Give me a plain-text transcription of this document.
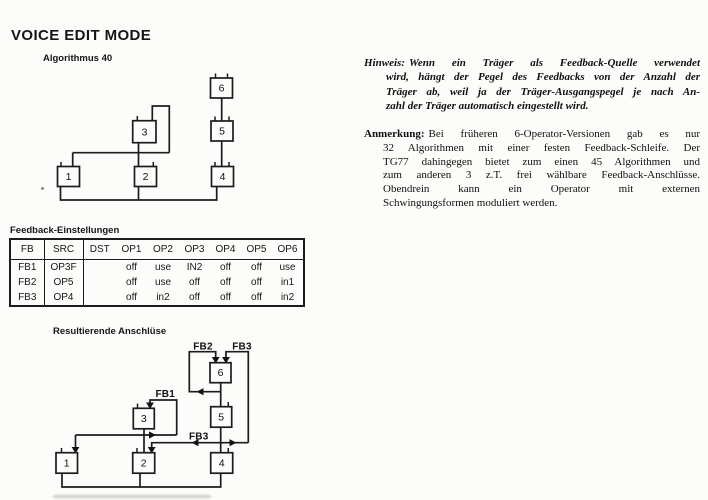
VOICE EDIT MODE
Algorithmus 40
1	2
3
4
5
6
Feedback-Einstellungen
FB	SRC	DST	OP1	OP2	OP3	OP4	OP5	OP6
FB1	OP3F		off	use	IN2	off	off	use
FB2	OP5		off	use	off	off	off	in1
FB3	OP4		off	in2	off	off	off	in2
Resultierende Anschlüse
1	2
3
4
5
6
FB1
FB2 FB3
FB3

Hinweis: Wenn ein Träger als Feedback-Quelle verwendet
wird, hängt der Pegel des Feedbacks von der Anzahl der
Träger ab, weil ja der Träger-Ausgangspegel je nach An-
zahl der Träger automatisch eingestellt wird.

Anmerkung: Bei früheren 6-Operator-Versionen gab es nur
32 Algorithmen mit einer festen Feedback-Schleife. Der
TG77 dahingegen bietet zum einen 45 Algorithmen und
zum anderen 3 z.T. frei wählbare Feedback-Anschlüsse.
Obendrein kann ein Operator mit externen
Schwingungsformen moduliert werden.
